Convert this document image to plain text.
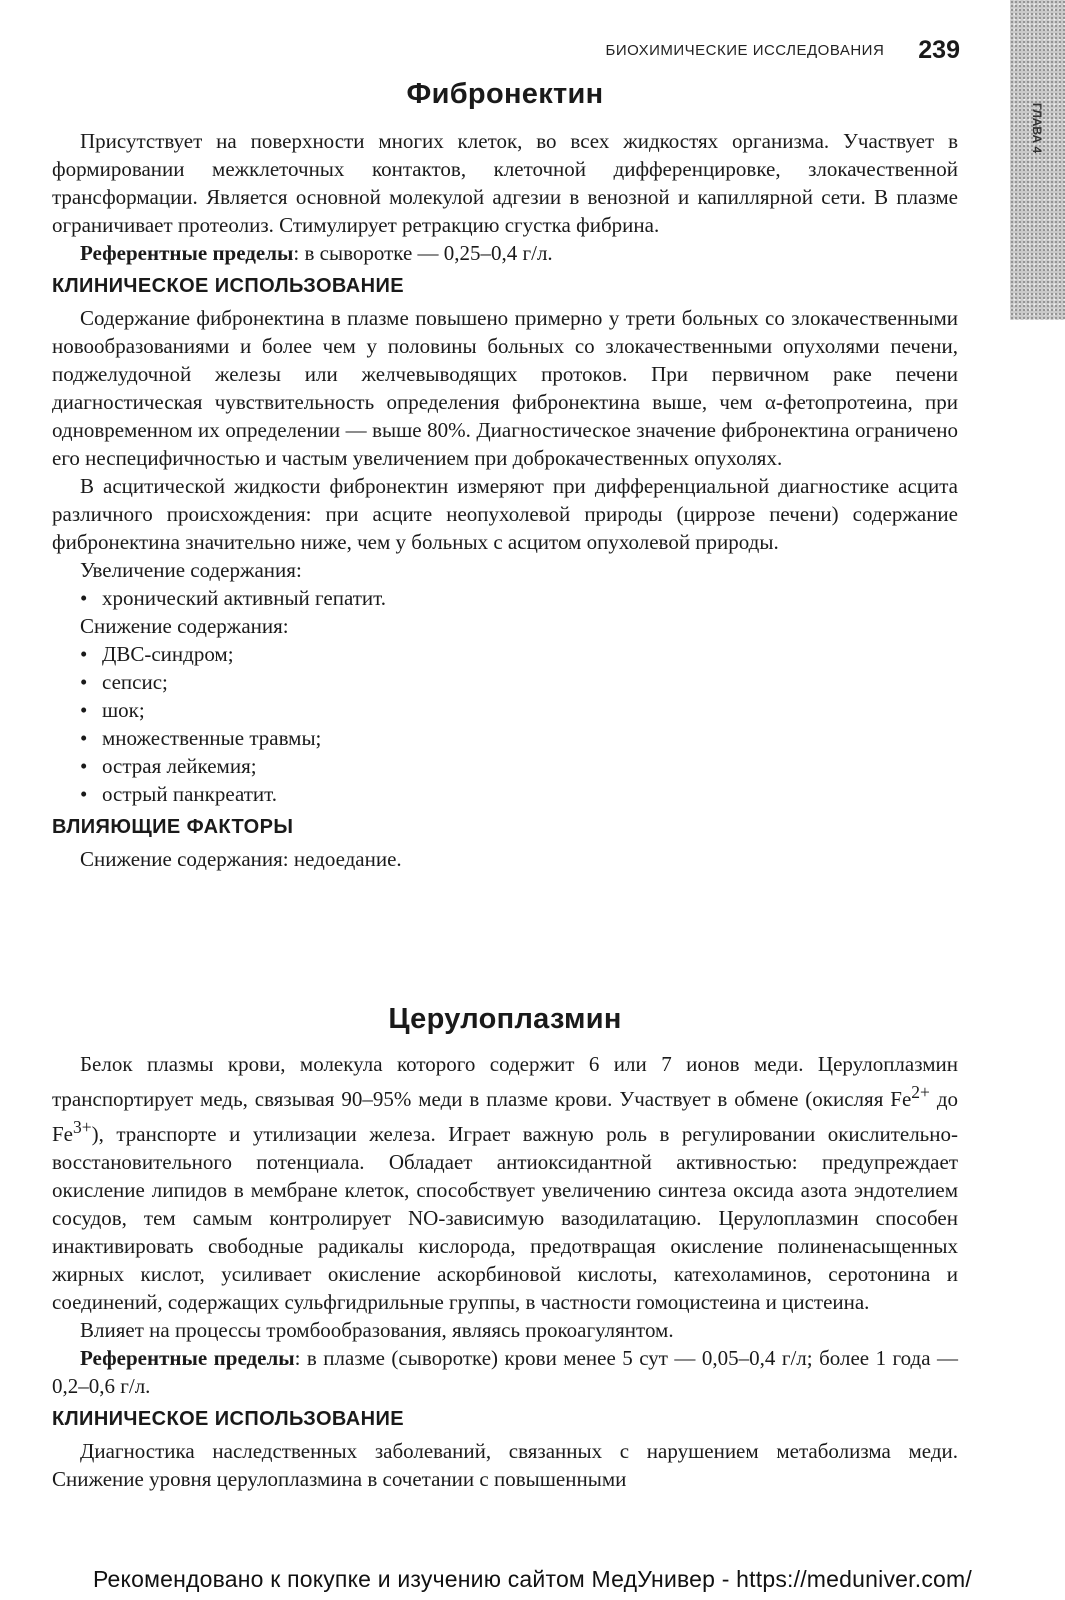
БИОХИМИЧЕСКИЕ ИССЛЕДОВАНИЯ 239
ГЛАВА 4
Фибронектин

Присутствует на поверхности многих клеток, во всех жидкостях организма. Участвует в формировании межклеточных контактов, клеточной дифференцировке, злокачественной трансформации. Является основной молекулой адгезии в венозной и капиллярной сети. В плазме ограничивает протеолиз. Стимулирует ретракцию сгустка фибрина.

Референтные пределы: в сыворотке — 0,25–0,4 г/л.

КЛИНИЧЕСКОЕ ИСПОЛЬЗОВАНИЕ

Содержание фибронектина в плазме повышено примерно у трети больных со злокачественными новообразованиями и более чем у половины больных со злокачественными опухолями печени, поджелудочной железы или желчевыводящих протоков. При первичном раке печени диагностическая чувствительность определения фибронектина выше, чем α-фетопротеина, при одновременном их определении — выше 80%. Диагностическое значение фибронектина ограничено его неспецифичностью и частым увеличением при доброкачественных опухолях.

В асцитической жидкости фибронектин измеряют при дифференциальной диагностике асцита различного происхождения: при асците неопухолевой природы (циррозе печени) содержание фибронектина значительно ниже, чем у больных с асцитом опухолевой природы.

Увеличение содержания:
• хронический активный гепатит.
Снижение содержания:
• ДВС-синдром;
• сепсис;
• шок;
• множественные травмы;
• острая лейкемия;
• острый панкреатит.
ВЛИЯЮЩИЕ ФАКТОРЫ
Снижение содержания: недоедание.
Церулоплазмин

Белок плазмы крови, молекула которого содержит 6 или 7 ионов меди. Церулоплазмин транспортирует медь, связывая 90–95% меди в плазме крови. Участвует в обмене (окисляя $Fe^{2+}$ до $Fe^{3+}$), транспорте и утилизации железа. Играет важную роль в регулировании окислительно-восстановительного потенциала. Обладает антиоксидантной активностью: предупреждает окисление липидов в мембране клеток, способствует увеличению синтеза оксида азота эндотелием сосудов, тем самым контролирует NO-зависимую вазодилатацию. Церулоплазмин способен инактивировать свободные радикалы кислорода, предотвращая окисление полиненасыщенных жирных кислот, усиливает окисление аскорбиновой кислоты, катехоламинов, серотонина и соединений, содержащих сульфгидрильные группы, в частности гомоцистеина и цистеина.

Влияет на процессы тромбообразования, являясь прокоагулянтом.

Референтные пределы: в плазме (сыворотке) крови менее 5 сут — 0,05–0,4 г/л; более 1 года — 0,2–0,6 г/л.

КЛИНИЧЕСКОЕ ИСПОЛЬЗОВАНИЕ

Диагностика наследственных заболеваний, связанных с нарушением метаболизма меди. Снижение уровня церулоплазмина в сочетании с повышенными

Рекомендовано к покупке и изучению сайтом МедУнивер - https://meduniver.com/
